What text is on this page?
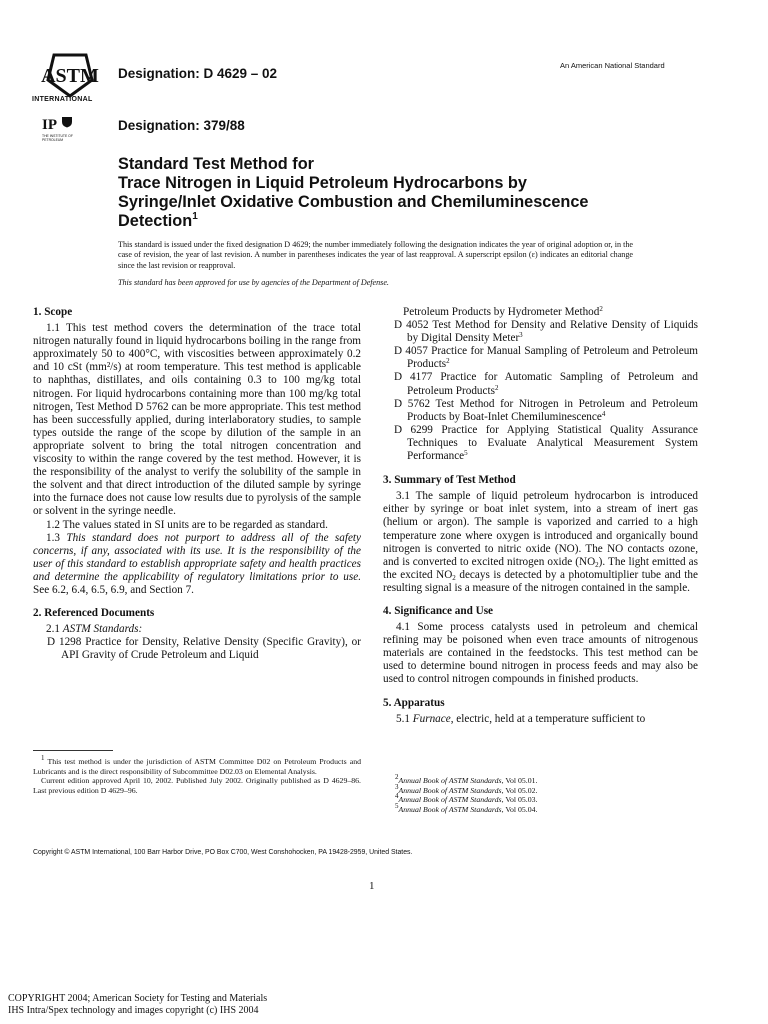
ASTM
INTERNATIONAL
Designation: D 4629 – 02
An American National Standard
IP
THE INSTITUTE OF PETROLEUM
Designation: 379/88
Standard Test Method for
Trace Nitrogen in Liquid Petroleum Hydrocarbons by
Syringe/Inlet Oxidative Combustion and Chemiluminescence
Detection$^1$
This standard is issued under the fixed designation D 4629; the number immediately following the designation indicates the year of original adoption or, in the case of revision, the year of last revision. A number in parentheses indicates the year of last reapproval. A superscript epsilon (ε) indicates an editorial change since the last revision or reapproval.
This standard has been approved for use by agencies of the Department of Defense.
1. Scope

1.1 This test method covers the determination of the trace total nitrogen naturally found in liquid hydrocarbons boiling in the range from approximately 50 to 400°C, with viscosities between approximately 0.2 and 10 cSt (mm²/s) at room temperature. This test method is applicable to naphthas, distillates, and oils containing 0.3 to 100 mg/kg total nitrogen. For liquid hydrocarbons containing more than 100 mg/kg total nitrogen, Test Method D 5762 can be more appropriate. This test method has been successfully applied, during interlaboratory studies, to sample types outside the range of the scope by dilution of the sample in an appropriate solvent to bring the total nitrogen concentration and viscosity to within the range covered by the test method. However, it is the responsibility of the analyst to verify the solubility of the sample in the solvent and that direct introduction of the diluted sample by syringe into the furnace does not cause low results due to pyrolysis of the sample or solvent in the syringe needle.

1.2 The values stated in SI units are to be regarded as standard.

1.3 This standard does not purport to address all of the safety concerns, if any, associated with its use. It is the responsibility of the user of this standard to establish appropriate safety and health practices and determine the applicability of regulatory limitations prior to use. See 6.2, 6.4, 6.5, 6.9, and Section 7.

2. Referenced Documents

2.1 ASTM Standards:

D 1298 Practice for Density, Relative Density (Specific Gravity), or API Gravity of Crude Petroleum and Liquid

$^1$ This test method is under the jurisdiction of ASTM Committee D02 on Petroleum Products and Lubricants and is the direct responsibility of Subcommittee D02.03 on Elemental Analysis.
Current edition approved April 10, 2002. Published July 2002. Originally published as D 4629–86. Last previous edition D 4629–96.

Petroleum Products by Hydrometer Method$^2$

D 4052 Test Method for Density and Relative Density of Liquids by Digital Density Meter$^3$

D 4057 Practice for Manual Sampling of Petroleum and Petroleum Products$^2$

D 4177 Practice for Automatic Sampling of Petroleum and Petroleum Products$^2$

D 5762 Test Method for Nitrogen in Petroleum and Petroleum Products by Boat-Inlet Chemiluminescence$^4$

D 6299 Practice for Applying Statistical Quality Assurance Techniques to Evaluate Analytical Measurement System Performance$^5$

3. Summary of Test Method

3.1 The sample of liquid petroleum hydrocarbon is introduced either by syringe or boat inlet system, into a stream of inert gas (helium or argon). The sample is vaporized and carried to a high temperature zone where oxygen is introduced and organically bound nitrogen is converted to nitric oxide (NO). The NO contacts ozone, and is converted to excited nitrogen oxide $(NO_2)$. The light emitted as the excited $NO_2$ decays is detected by a photomultiplier tube and the resulting signal is a measure of the nitrogen contained in the sample.

4. Significance and Use

4.1 Some process catalysts used in petroleum and chemical refining may be poisoned when even trace amounts of nitrogenous materials are contained in the feedstocks. This test method can be used to determine bound nitrogen in process feeds and may also be used to control nitrogen compounds in finished products.

5. Apparatus

5.1 Furnace, electric, held at a temperature sufficient to

$^2$Annual Book of ASTM Standards, Vol 05.01.
$^3$Annual Book of ASTM Standards, Vol 05.02.
$^4$Annual Book of ASTM Standards, Vol 05.03.
$^5$Annual Book of ASTM Standards, Vol 05.04.
Copyright © ASTM International, 100 Barr Harbor Drive, PO Box C700, West Conshohocken, PA 19428-2959, United States.
1
COPYRIGHT 2004; American Society for Testing and Materials
IHS Intra/Spex technology and images copyright (c) IHS 2004
